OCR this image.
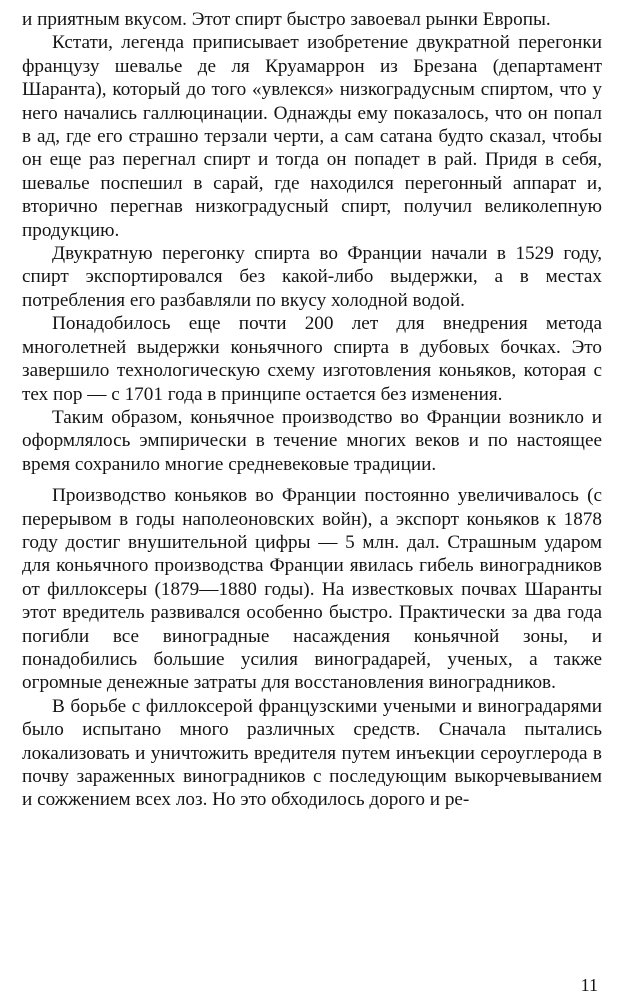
и приятным вкусом. Этот спирт быстро завоевал рынки Европы.

Кстати, легенда приписывает изобретение двукратной перегонки французу шевалье де ля Круамаррон из Брезана (департамент Шаранта), который до того «увлекся» низкоградусным спиртом, что у него начались галлюцинации. Однажды ему показалось, что он попал в ад, где его страшно терзали черти, а сам сатана будто сказал, чтобы он еще раз перегнал спирт и тогда он попадет в рай. Придя в себя, шевалье поспешил в сарай, где находился перегонный аппарат и, вторично перегнав низкоградусный спирт, получил великолепную продукцию.

Двукратную перегонку спирта во Франции начали в 1529 году, спирт экспортировался без какой-либо выдержки, а в местах потребления его разбавляли по вкусу холодной водой.

Понадобилось еще почти 200 лет для внедрения метода многолетней выдержки коньячного спирта в дубовых бочках. Это завершило технологическую схему изготовления коньяков, которая с тех пор — с 1701 года в принципе остается без изменения.

Таким образом, коньячное производство во Франции возникло и оформлялось эмпирически в течение многих веков и по настоящее время сохранило многие средневековые традиции.

Производство коньяков во Франции постоянно увеличивалось (с перерывом в годы наполеоновских войн), а экспорт коньяков к 1878 году достиг внушительной цифры — 5 млн. дал. Страшным ударом для коньячного производства Франции явилась гибель виноградников от филлоксеры (1879—1880 годы). На известковых почвах Шаранты этот вредитель развивался особенно быстро. Практически за два года погибли все виноградные насаждения коньячной зоны, и понадобились большие усилия виноградарей, ученых, а также огромные денежные затраты для восстановления виноградников.

В борьбе с филлоксерой французскими учеными и виноградарями было испытано много различных средств. Сначала пытались локализовать и уничтожить вредителя путем инъекции сероуглерода в почву зараженных виноградников с последующим выкорчевыванием и сожжением всех лоз. Но это обходилось дорого и ре-

11
